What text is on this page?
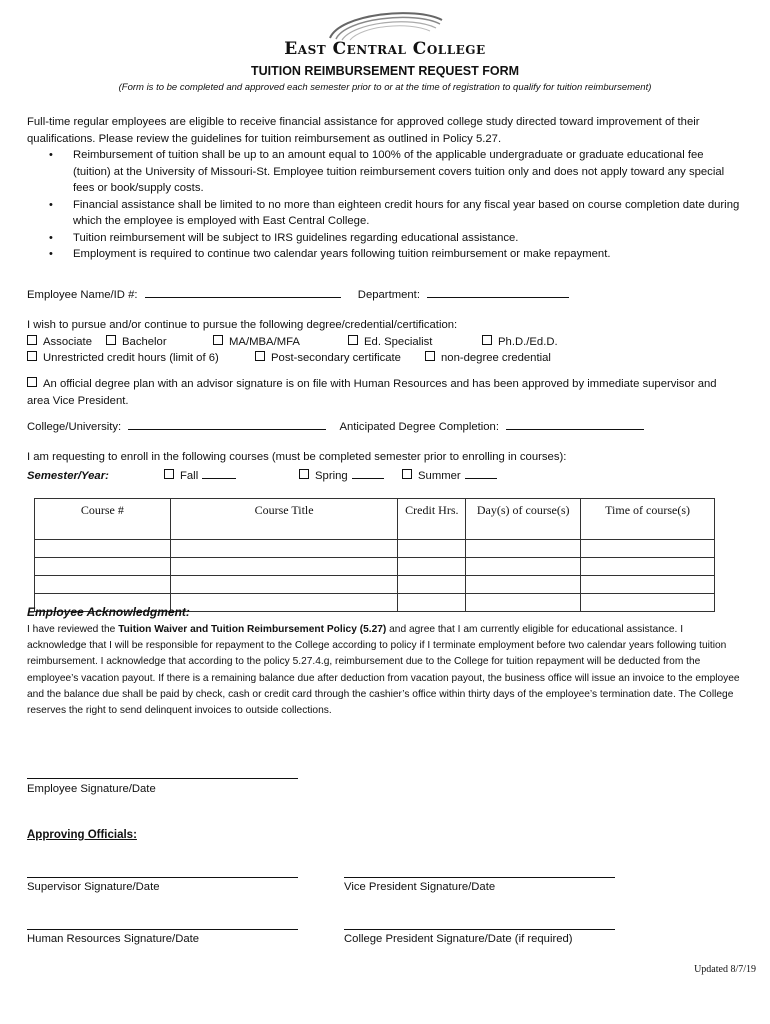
East Central College
TUITION REIMBURSEMENT REQUEST FORM
(Form is to be completed and approved each semester prior to or at the time of registration to qualify for tuition reimbursement)
Full-time regular employees are eligible to receive financial assistance for approved college study directed toward improvement of their qualifications. Please review the guidelines for tuition reimbursement as outlined in Policy 5.27.
• Reimbursement of tuition shall be up to an amount equal to 100% of the applicable undergraduate or graduate educational fee (tuition) at the University of Missouri-St. Employee tuition reimbursement covers tuition only and does not apply toward any special fees or book/supply costs.
• Financial assistance shall be limited to no more than eighteen credit hours for any fiscal year based on course completion date during which the employee is employed with East Central College.
• Tuition reimbursement will be subject to IRS guidelines regarding educational assistance.
• Employment is required to continue two calendar years following tuition reimbursement or make repayment.
Employee Name/ID #:	Department:
I wish to pursue and/or continue to pursue the following degree/credential/certification:
Associate	Bachelor	MA/MBA/MFA	Ed. Specialist	Ph.D./Ed.D.
Unrestricted credit hours (limit of 6)	Post-secondary certificate	non-degree credential
An official degree plan with an advisor signature is on file with Human Resources and has been approved by immediate supervisor and area Vice President.
College/University:	Anticipated Degree Completion:
I am requesting to enroll in the following courses (must be completed semester prior to enrolling in courses):
Semester/Year:	Fall	Spring	Summer
Course #	Course Title	Credit Hrs.	Day(s) of course(s)	Time of course(s)

Employee Acknowledgment:
I have reviewed the Tuition Waiver and Tuition Reimbursement Policy (5.27) and agree that I am currently eligible for educational assistance. I acknowledge that I will be responsible for repayment to the College according to policy if I terminate employment before two calendar years following tuition reimbursement. I acknowledge that according to the policy 5.27.4.g, reimbursement due to the College for tuition repayment will be deducted from the employee’s vacation payout. If there is a remaining balance due after deduction from vacation payout, the business office will issue an invoice to the employee and the balance due shall be paid by check, cash or credit card through the cashier’s office within thirty days of the employee’s termination date. The College reserves the right to send delinquent invoices to outside collections.
Employee Signature/Date
Approving Officials:
Supervisor Signature/Date	Vice President Signature/Date
Human Resources Signature/Date	College President Signature/Date (if required)
Updated 8/7/19
